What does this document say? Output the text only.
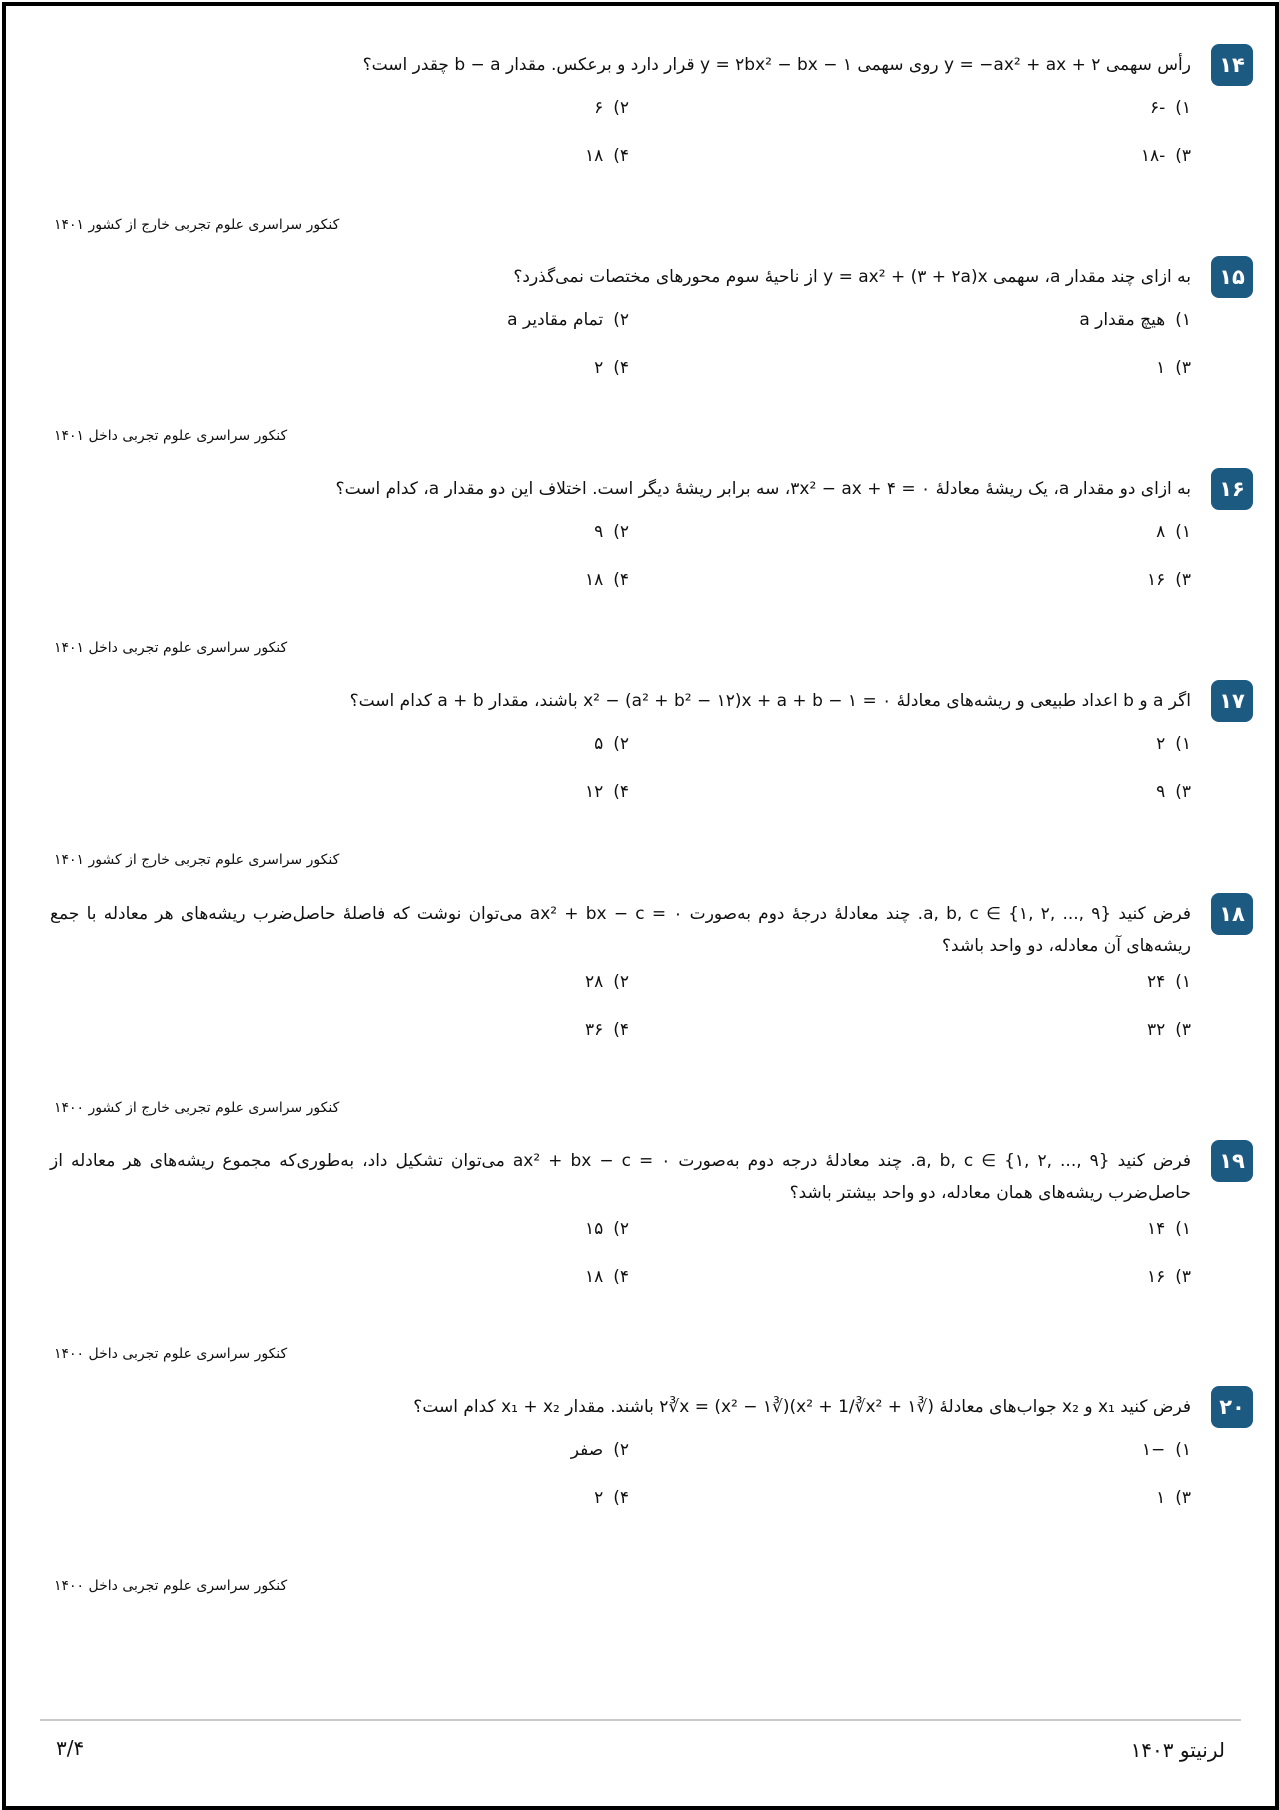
۱۴
رأس سهمی y = −ax² + ax + ۲ روی سهمی y = ۲bx² − bx − ۱ قرار دارد و برعکس. مقدار b − a چقدر است؟
۱)-۶
۲)۶
۳)-۱۸
۴)۱۸
کنکور سراسری علوم تجربی خارج از کشور ۱۴۰۱
۱۵
به ازای چند مقدار a، سهمی y = ax² + (۳ + ۲a)x از ناحیهٔ سوم محورهای مختصات نمی‌گذرد؟
۱)هیچ مقدار a
۲)تمام مقادیر a
۳)۱
۴)۲
کنکور سراسری علوم تجربی داخل ۱۴۰۱
۱۶
به ازای دو مقدار a، یک ریشهٔ معادلهٔ ۳x² − ax + ۴ = ۰، سه برابر ریشهٔ دیگر است. اختلاف این دو مقدار a، کدام است؟
۱)۸
۲)۹
۳)۱۶
۴)۱۸
کنکور سراسری علوم تجربی داخل ۱۴۰۱
۱۷
اگر a و b اعداد طبیعی و ریشه‌های معادلهٔ x² − (a² + b² − ۱۲)x + a + b − ۱ = ۰ باشند، مقدار a + b کدام است؟
۱)۲
۲)۵
۳)۹
۴)۱۲
کنکور سراسری علوم تجربی خارج از کشور ۱۴۰۱
۱۸
فرض کنید a, b, c ∈ {۱, ۲, ..., ۹}. چند معادلهٔ درجهٔ دوم به‌صورت ax² + bx − c = ۰ می‌توان نوشت که فاصلهٔ حاصل‌ضرب ریشه‌های هر معادله با جمع ریشه‌های آن معادله، دو واحد باشد؟
۱)۲۴
۲)۲۸
۳)۳۲
۴)۳۶
کنکور سراسری علوم تجربی خارج از کشور ۱۴۰۰
۱۹
فرض کنید a, b, c ∈ {۱, ۲, ..., ۹}. چند معادلهٔ درجه دوم به‌صورت ax² + bx − c = ۰ می‌توان تشکیل داد، به‌طوری‌که مجموع ریشه‌های هر معادله از حاصل‌ضرب ریشه‌های همان معادله، دو واحد بیشتر باشد؟
۱)۱۴
۲)۱۵
۳)۱۶
۴)۱۸
کنکور سراسری علوم تجربی داخل ۱۴۰۰
۲۰
فرض کنید x₁ و x₂ جواب‌های معادلهٔ (∛x² + 1/∛x² + ۱)(∛x² − ۱) = ۲∛x باشند. مقدار x₁ + x₂ کدام است؟
۱)−۱
۲)صفر
۳)۱
۴)۲
کنکور سراسری علوم تجربی داخل ۱۴۰۰
لرنیتو ۱۴۰۳
۳/۴
